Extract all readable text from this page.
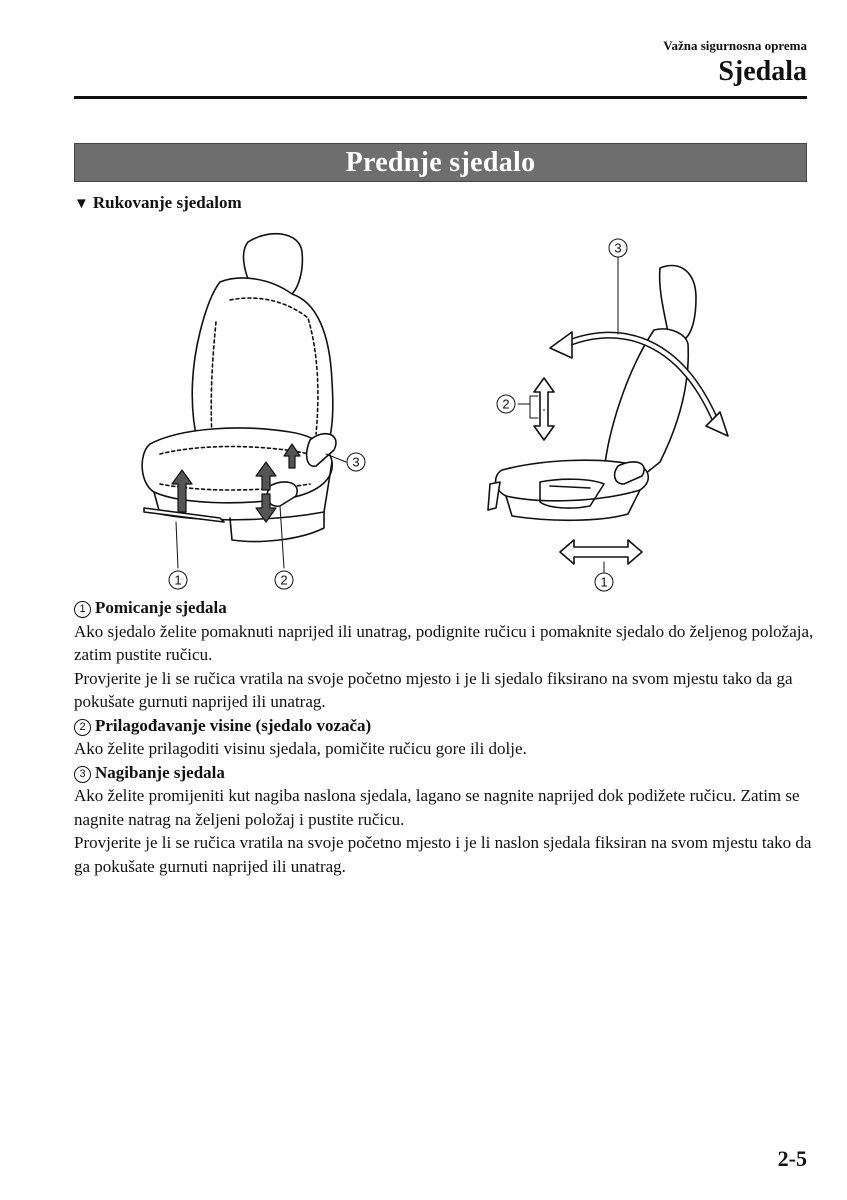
Važna sigurnosna oprema
Sjedala
Prednje sjedalo
▼ Rukovanje sjedalom
1	2
3
1
2
3

1 Pomicanje sjedala

Ako sjedalo želite pomaknuti naprijed ili unatrag, podignite ručicu i pomaknite sjedalo do željenog položaja, zatim pustite ručicu.

Provjerite je li se ručica vratila na svoje početno mjesto i je li sjedalo fiksirano na svom mjestu tako da ga pokušate gurnuti naprijed ili unatrag.

2 Prilagođavanje visine (sjedalo vozača)

Ako želite prilagoditi visinu sjedala, pomičite ručicu gore ili dolje.

3 Nagibanje sjedala

Ako želite promijeniti kut nagiba naslona sjedala, lagano se nagnite naprijed dok podižete ručicu. Zatim se nagnite natrag na željeni položaj i pustite ručicu.

Provjerite je li se ručica vratila na svoje početno mjesto i je li naslon sjedala fiksiran na svom mjestu tako da ga pokušate gurnuti naprijed ili unatrag.

2-5
